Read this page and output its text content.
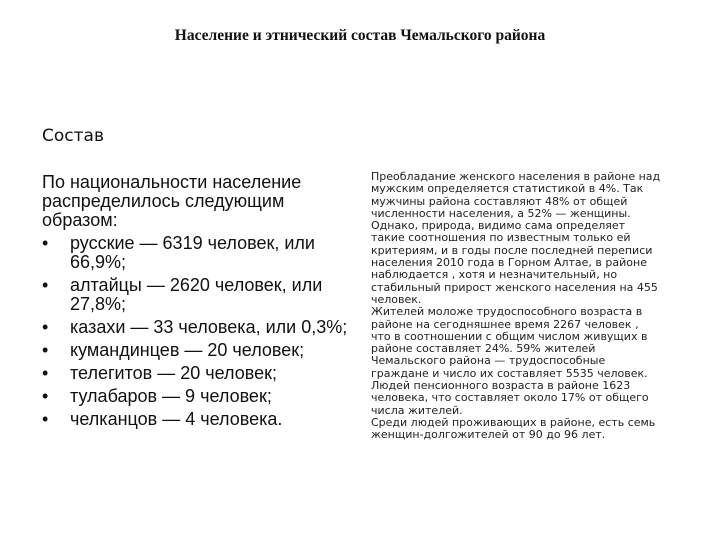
Население и этнический состав Чемальского района
Состав

По национальности население распределилось следующим образом:

•	русские — 6319 человек, или 66,9%;
•	алтайцы — 2620 человек, или 27,8%;
•	казахи — 33 человека, или 0,3%;
•	кумандинцев — 20 человек;
•	телегитов — 20 человек;
•	тулабаров — 9 человек;
•	челканцов — 4 человека.

Преобладание женского населения в районе над мужским определяется статистикой в 4%. Так мужчины района составляют 48% от общей численности населения, а 52% — женщины. Однако, природа, видимо сама определяет такие соотношения по известным только ей критериям, и в годы после последней переписи населения 2010 года в Горном Алтае, в районе наблюдается , хотя и незначительный, но стабильный прирост женского населения на 455 человек.

Жителей моложе трудоспособного возраста в районе на сегодняшнее время 2267 человек , что в соотношении с общим числом живущих в районе составляет 24%. 59% жителей Чемальского района — трудоспособные граждане и число их составляет 5535 человек.

Людей пенсионного возраста в районе 1623 человека, что составляет около 17% от общего числа жителей.

Среди людей проживающих в районе, есть семь женщин-долгожителей от 90 до 96 лет.
